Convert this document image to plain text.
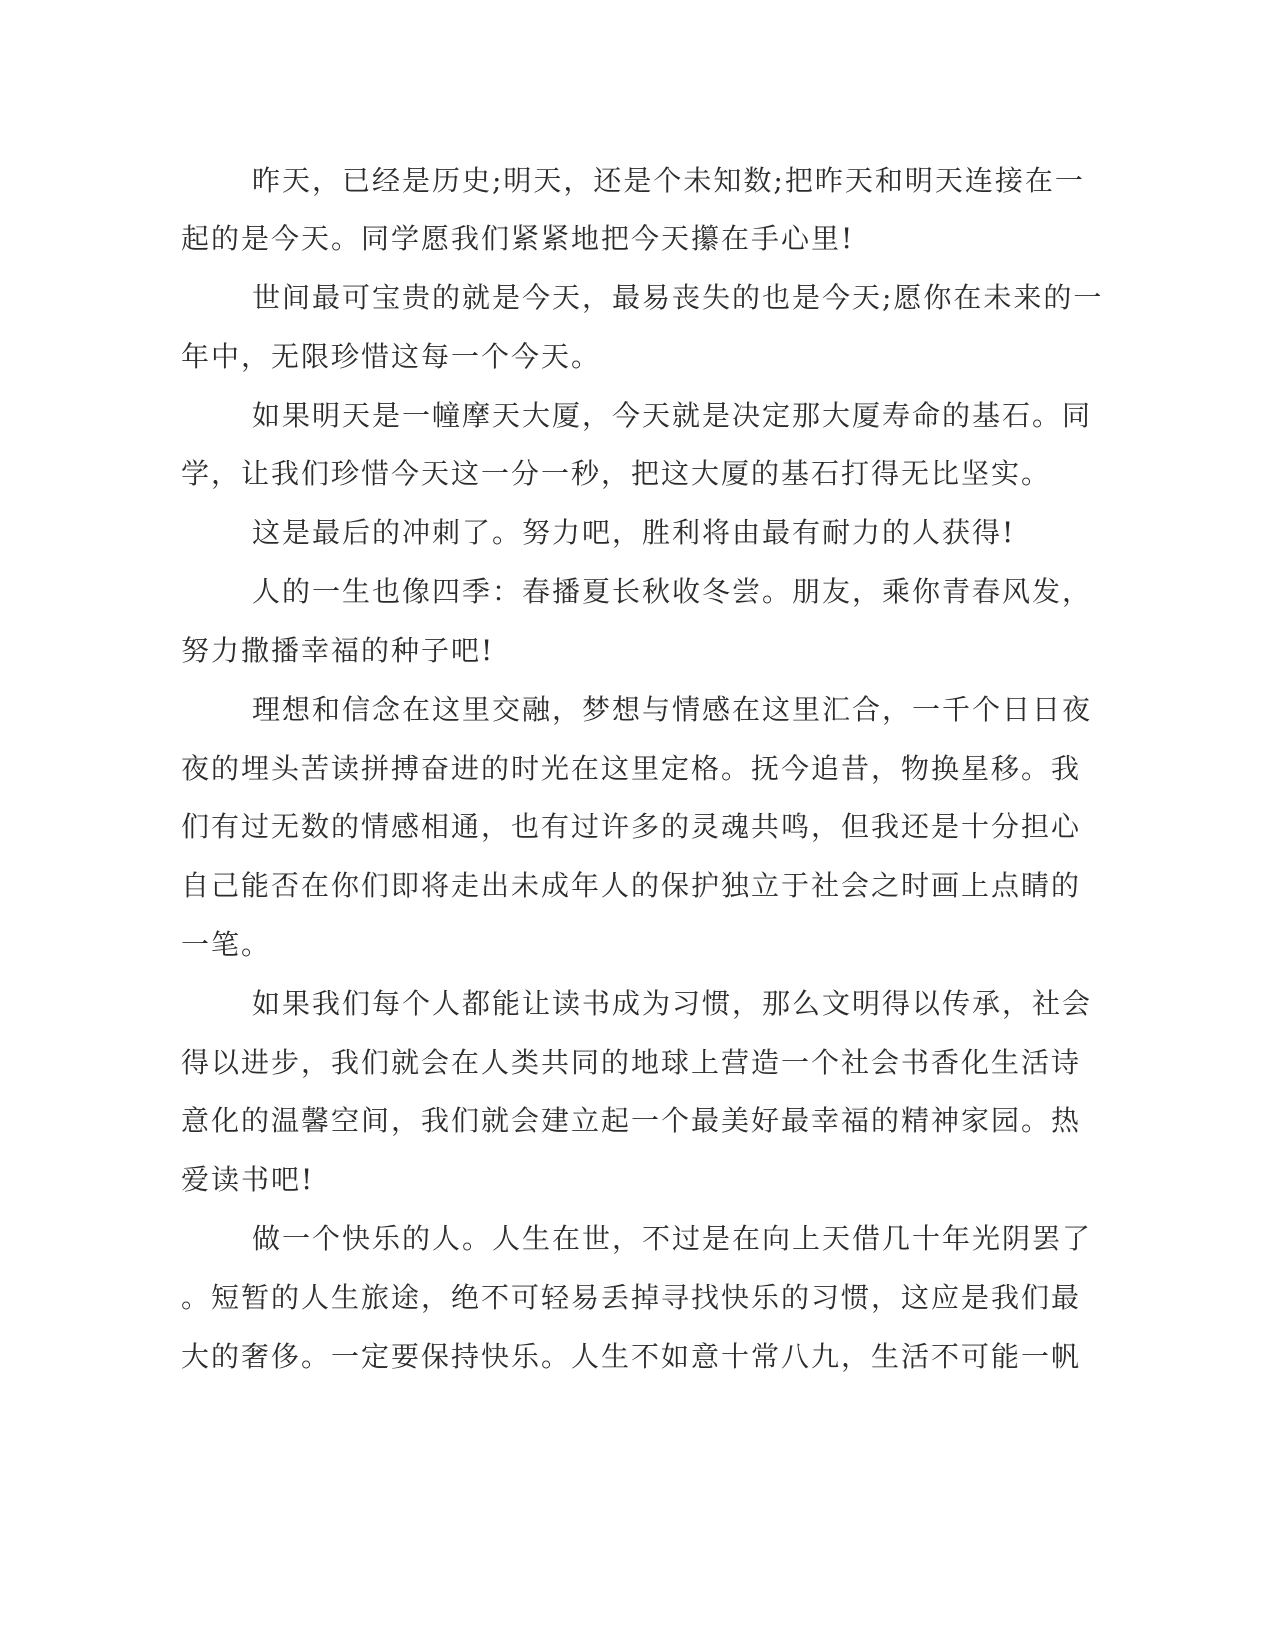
昨天，已经是历史;明天，还是个未知数;把昨天和明天连接在一
起的是今天。同学愿我们紧紧地把今天攥在手心里!
世间最可宝贵的就是今天，最易丧失的也是今天;愿你在未来的一
年中，无限珍惜这每一个今天。
如果明天是一幢摩天大厦，今天就是决定那大厦寿命的基石。同
学，让我们珍惜今天这一分一秒，把这大厦的基石打得无比坚实。
这是最后的冲刺了。努力吧，胜利将由最有耐力的人获得!
人的一生也像四季：春播夏长秋收冬尝。朋友，乘你青春风发，
努力撒播幸福的种子吧!
理想和信念在这里交融，梦想与情感在这里汇合，一千个日日夜
夜的埋头苦读拼搏奋进的时光在这里定格。抚今追昔，物换星移。我
们有过无数的情感相通，也有过许多的灵魂共鸣，但我还是十分担心
自己能否在你们即将走出未成年人的保护独立于社会之时画上点睛的
一笔。
如果我们每个人都能让读书成为习惯，那么文明得以传承，社会
得以进步，我们就会在人类共同的地球上营造一个社会书香化生活诗
意化的温馨空间，我们就会建立起一个最美好最幸福的精神家园。热
爱读书吧!
做一个快乐的人。人生在世，不过是在向上天借几十年光阴罢了
。短暂的人生旅途，绝不可轻易丢掉寻找快乐的习惯，这应是我们最
大的奢侈。一定要保持快乐。人生不如意十常八九，生活不可能一帆
